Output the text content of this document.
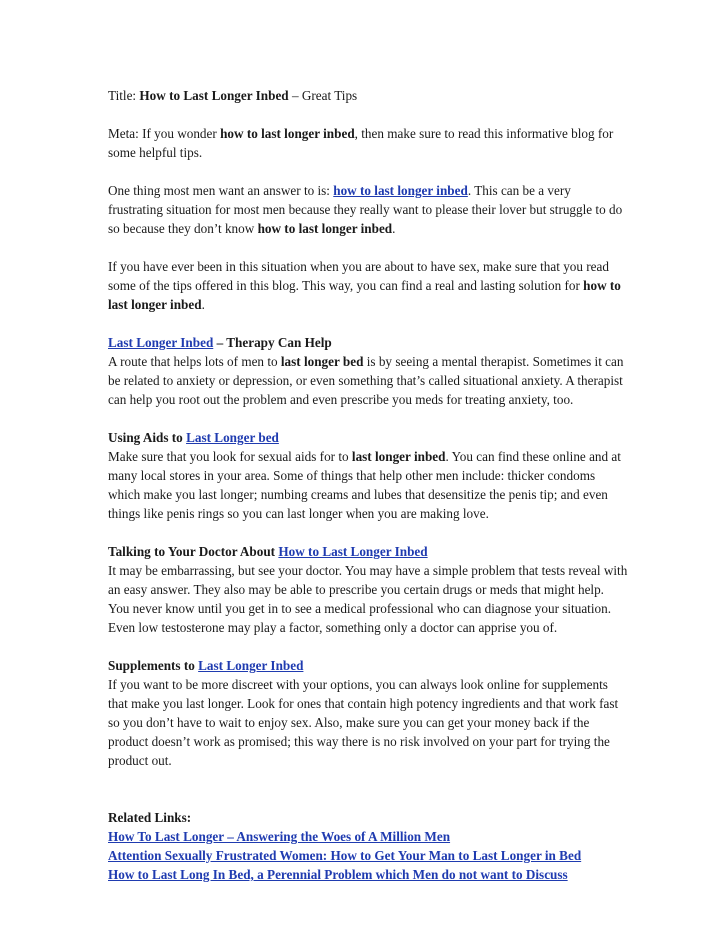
Title: How to Last Longer Inbed – Great Tips

Meta: If you wonder how to last longer inbed, then make sure to read this informative blog for some helpful tips.

One thing most men want an answer to is: how to last longer inbed. This can be a very frustrating situation for most men because they really want to please their lover but struggle to do so because they don’t know how to last longer inbed.

If you have ever been in this situation when you are about to have sex, make sure that you read some of the tips offered in this blog. This way, you can find a real and lasting solution for how to last longer inbed.

Last Longer Inbed – Therapy Can Help
A route that helps lots of men to last longer bed is by seeing a mental therapist. Sometimes it can be related to anxiety or depression, or even something that’s called situational anxiety. A therapist can help you root out the problem and even prescribe you meds for treating anxiety, too.

Using Aids to Last Longer bed
Make sure that you look for sexual aids for to last longer inbed. You can find these online and at many local stores in your area. Some of things that help other men include: thicker condoms which make you last longer; numbing creams and lubes that desensitize the penis tip; and even things like penis rings so you can last longer when you are making love.

Talking to Your Doctor About How to Last Longer Inbed
It may be embarrassing, but see your doctor. You may have a simple problem that tests reveal with an easy answer. They also may be able to prescribe you certain drugs or meds that might help. You never know until you get in to see a medical professional who can diagnose your situation. Even low testosterone may play a factor, something only a doctor can apprise you of.

Supplements to Last Longer Inbed
If you want to be more discreet with your options, you can always look online for supplements that make you last longer. Look for ones that contain high potency ingredients and that work fast so you don’t have to wait to enjoy sex. Also, make sure you can get your money back if the product doesn’t work as promised; this way there is no risk involved on your part for trying the product out.

Related Links:
How To Last Longer – Answering the Woes of A Million Men
Attention Sexually Frustrated Women: How to Get Your Man to Last Longer in Bed
How to Last Long In Bed, a Perennial Problem which Men do not want to Discuss
